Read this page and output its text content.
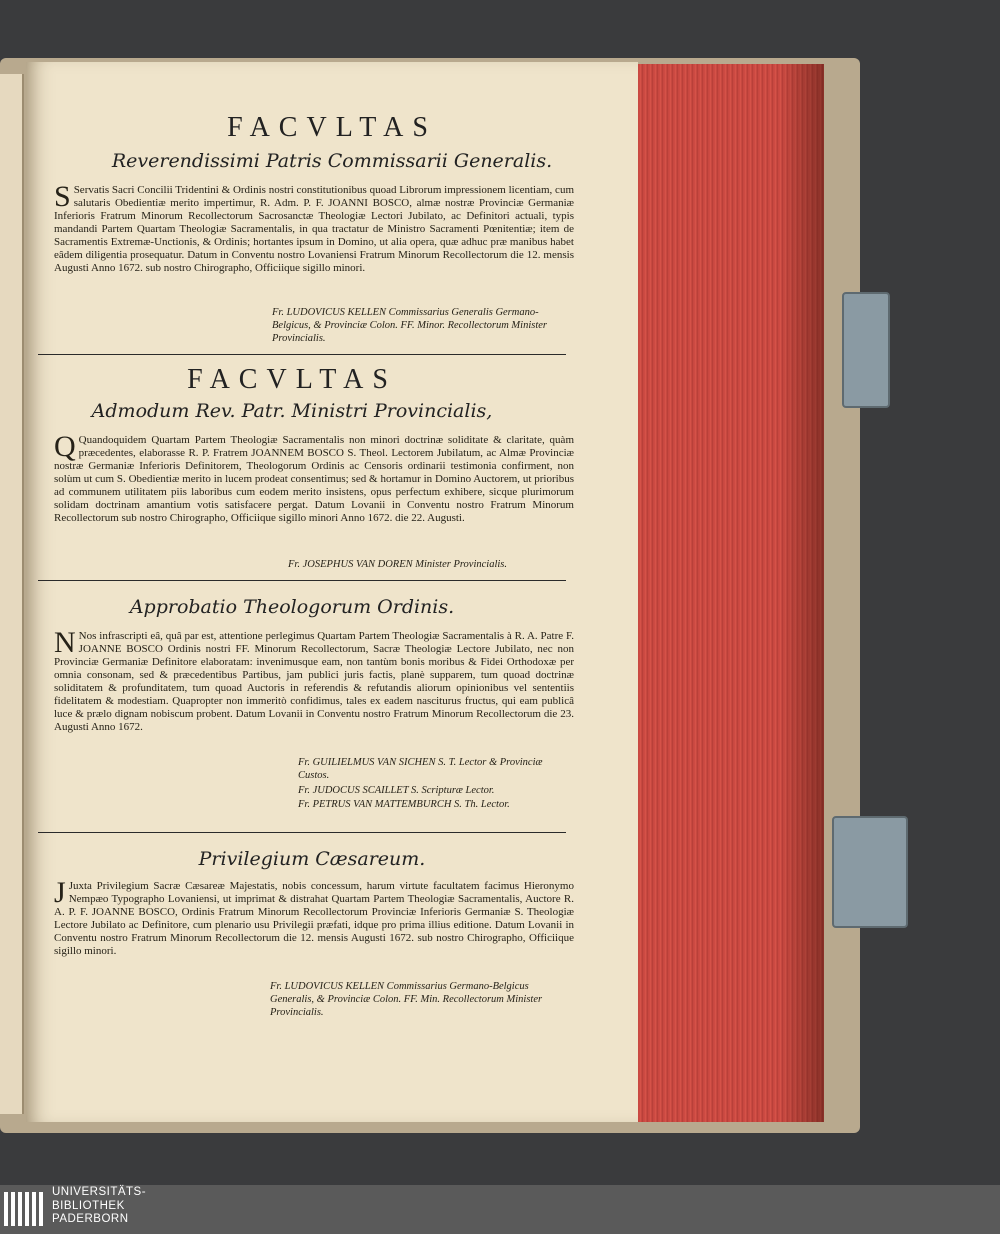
FACVLTAS
Reverendissimi Patris Commissarii Generalis.
S Servatis Sacri Concilii Tridentini & Ordinis nostri constitutionibus quoad Librorum impressionem licentiam, cum salutaris Obedientiæ merito impertimur, R. Adm. P. F. JOANNI BOSCO, almæ nostræ Provinciæ Germaniæ Inferioris Fratrum Minorum Recollectorum Sacrosanctæ Theologiæ Lectori Jubilato, ac Definitori actuali, typis mandandi Partem Quartam Theologiæ Sacramentalis, in qua tractatur de Ministro Sacramenti Pœnitentiæ; item de Sacramentis Extremæ-Unctionis, & Ordinis; hortantes ipsum in Domino, ut alia opera, quæ adhuc præ manibus habet eâdem diligentia prosequatur. Datum in Conventu nostro Lovaniensi Fratrum Minorum Recollectorum die 12. mensis Augusti Anno 1672. sub nostro Chirographo, Officiique sigillo minori.
Fr. LUDOVICUS KELLEN Commissarius Generalis Germano-Belgicus, & Provinciæ Colon. FF. Minor. Recollectorum Minister Provincialis.
FACVLTAS
Admodum Rev. Patr. Ministri Provincialis,
Q Quandoquidem Quartam Partem Theologiæ Sacramentalis non minori doctrinæ soliditate & claritate, quàm præcedentes, elaborasse R. P. Fratrem JOANNEM BOSCO S. Theol. Lectorem Jubilatum, ac Almæ Provinciæ nostræ Germaniæ Inferioris Definitorem, Theologorum Ordinis ac Censoris ordinarii testimonia confirment, non solùm ut cum S. Obedientiæ merito in lucem prodeat consentimus; sed & hortamur in Domino Auctorem, ut prioribus ad communem utilitatem piis laboribus cum eodem merito insistens, opus perfectum exhibere, sicque plurimorum solidam doctrinam amantium votis satisfacere pergat. Datum Lovanii in Conventu nostro Fratrum Minorum Recollectorum sub nostro Chirographo, Officiique sigillo minori Anno 1672. die 22. Augusti.
Fr. JOSEPHUS VAN DOREN Minister Provincialis.
Approbatio Theologorum Ordinis.
N Nos infrascripti eâ, quâ par est, attentione perlegimus Quartam Partem Theologiæ Sacramentalis à R. A. Patre F. JOANNE BOSCO Ordinis nostri FF. Minorum Recollectorum, Sacræ Theologiæ Lectore Jubilato, nec non Provinciæ Germaniæ Definitore elaboratam: invenimusque eam, non tantùm bonis moribus & Fidei Orthodoxæ per omnia consonam, sed & præcedentibus Partibus, jam publici juris factis, planè supparem, tum quoad doctrinæ soliditatem & profunditatem, tum quoad Auctoris in referendis & refutandis aliorum opinionibus vel sententiis fidelitatem & modestiam. Quapropter non immeritò confidimus, tales ex eadem nasciturus fructus, qui eam publicâ luce & prælo dignam nobiscum probent. Datum Lovanii in Conventu nostro Fratrum Minorum Recollectorum die 23. Augusti Anno 1672.
Fr. GUILIELMUS VAN SICHEN S. T. Lector & Provinciæ Custos.
Fr. JUDOCUS SCAILLET S. Scripturæ Lector.
Fr. PETRUS VAN MATTEMBURCH S. Th. Lector.
Privilegium Cæsareum.
J Juxta Privilegium Sacræ Cæsareæ Majestatis, nobis concessum, harum virtute facultatem facimus Hieronymo Nempæo Typographo Lovaniensi, ut imprimat & distrahat Quartam Partem Theologiæ Sacramentalis, Auctore R. A. P. F. JOANNE BOSCO, Ordinis Fratrum Minorum Recollectorum Provinciæ Inferioris Germaniæ S. Theologiæ Lectore Jubilato ac Definitore, cum plenario usu Privilegii præfati, idque pro prima illius editione. Datum Lovanii in Conventu nostro Fratrum Minorum Recollectorum die 12. mensis Augusti 1672. sub nostro Chirographo, Officiique sigillo minori.
Fr. LUDOVICUS KELLEN Commissarius Germano-Belgicus Generalis, & Provinciæ Colon. FF. Min. Recollectorum Minister Provincialis.
UNIVERSITÄTS-
BIBLIOTHEK
PADERBORN
